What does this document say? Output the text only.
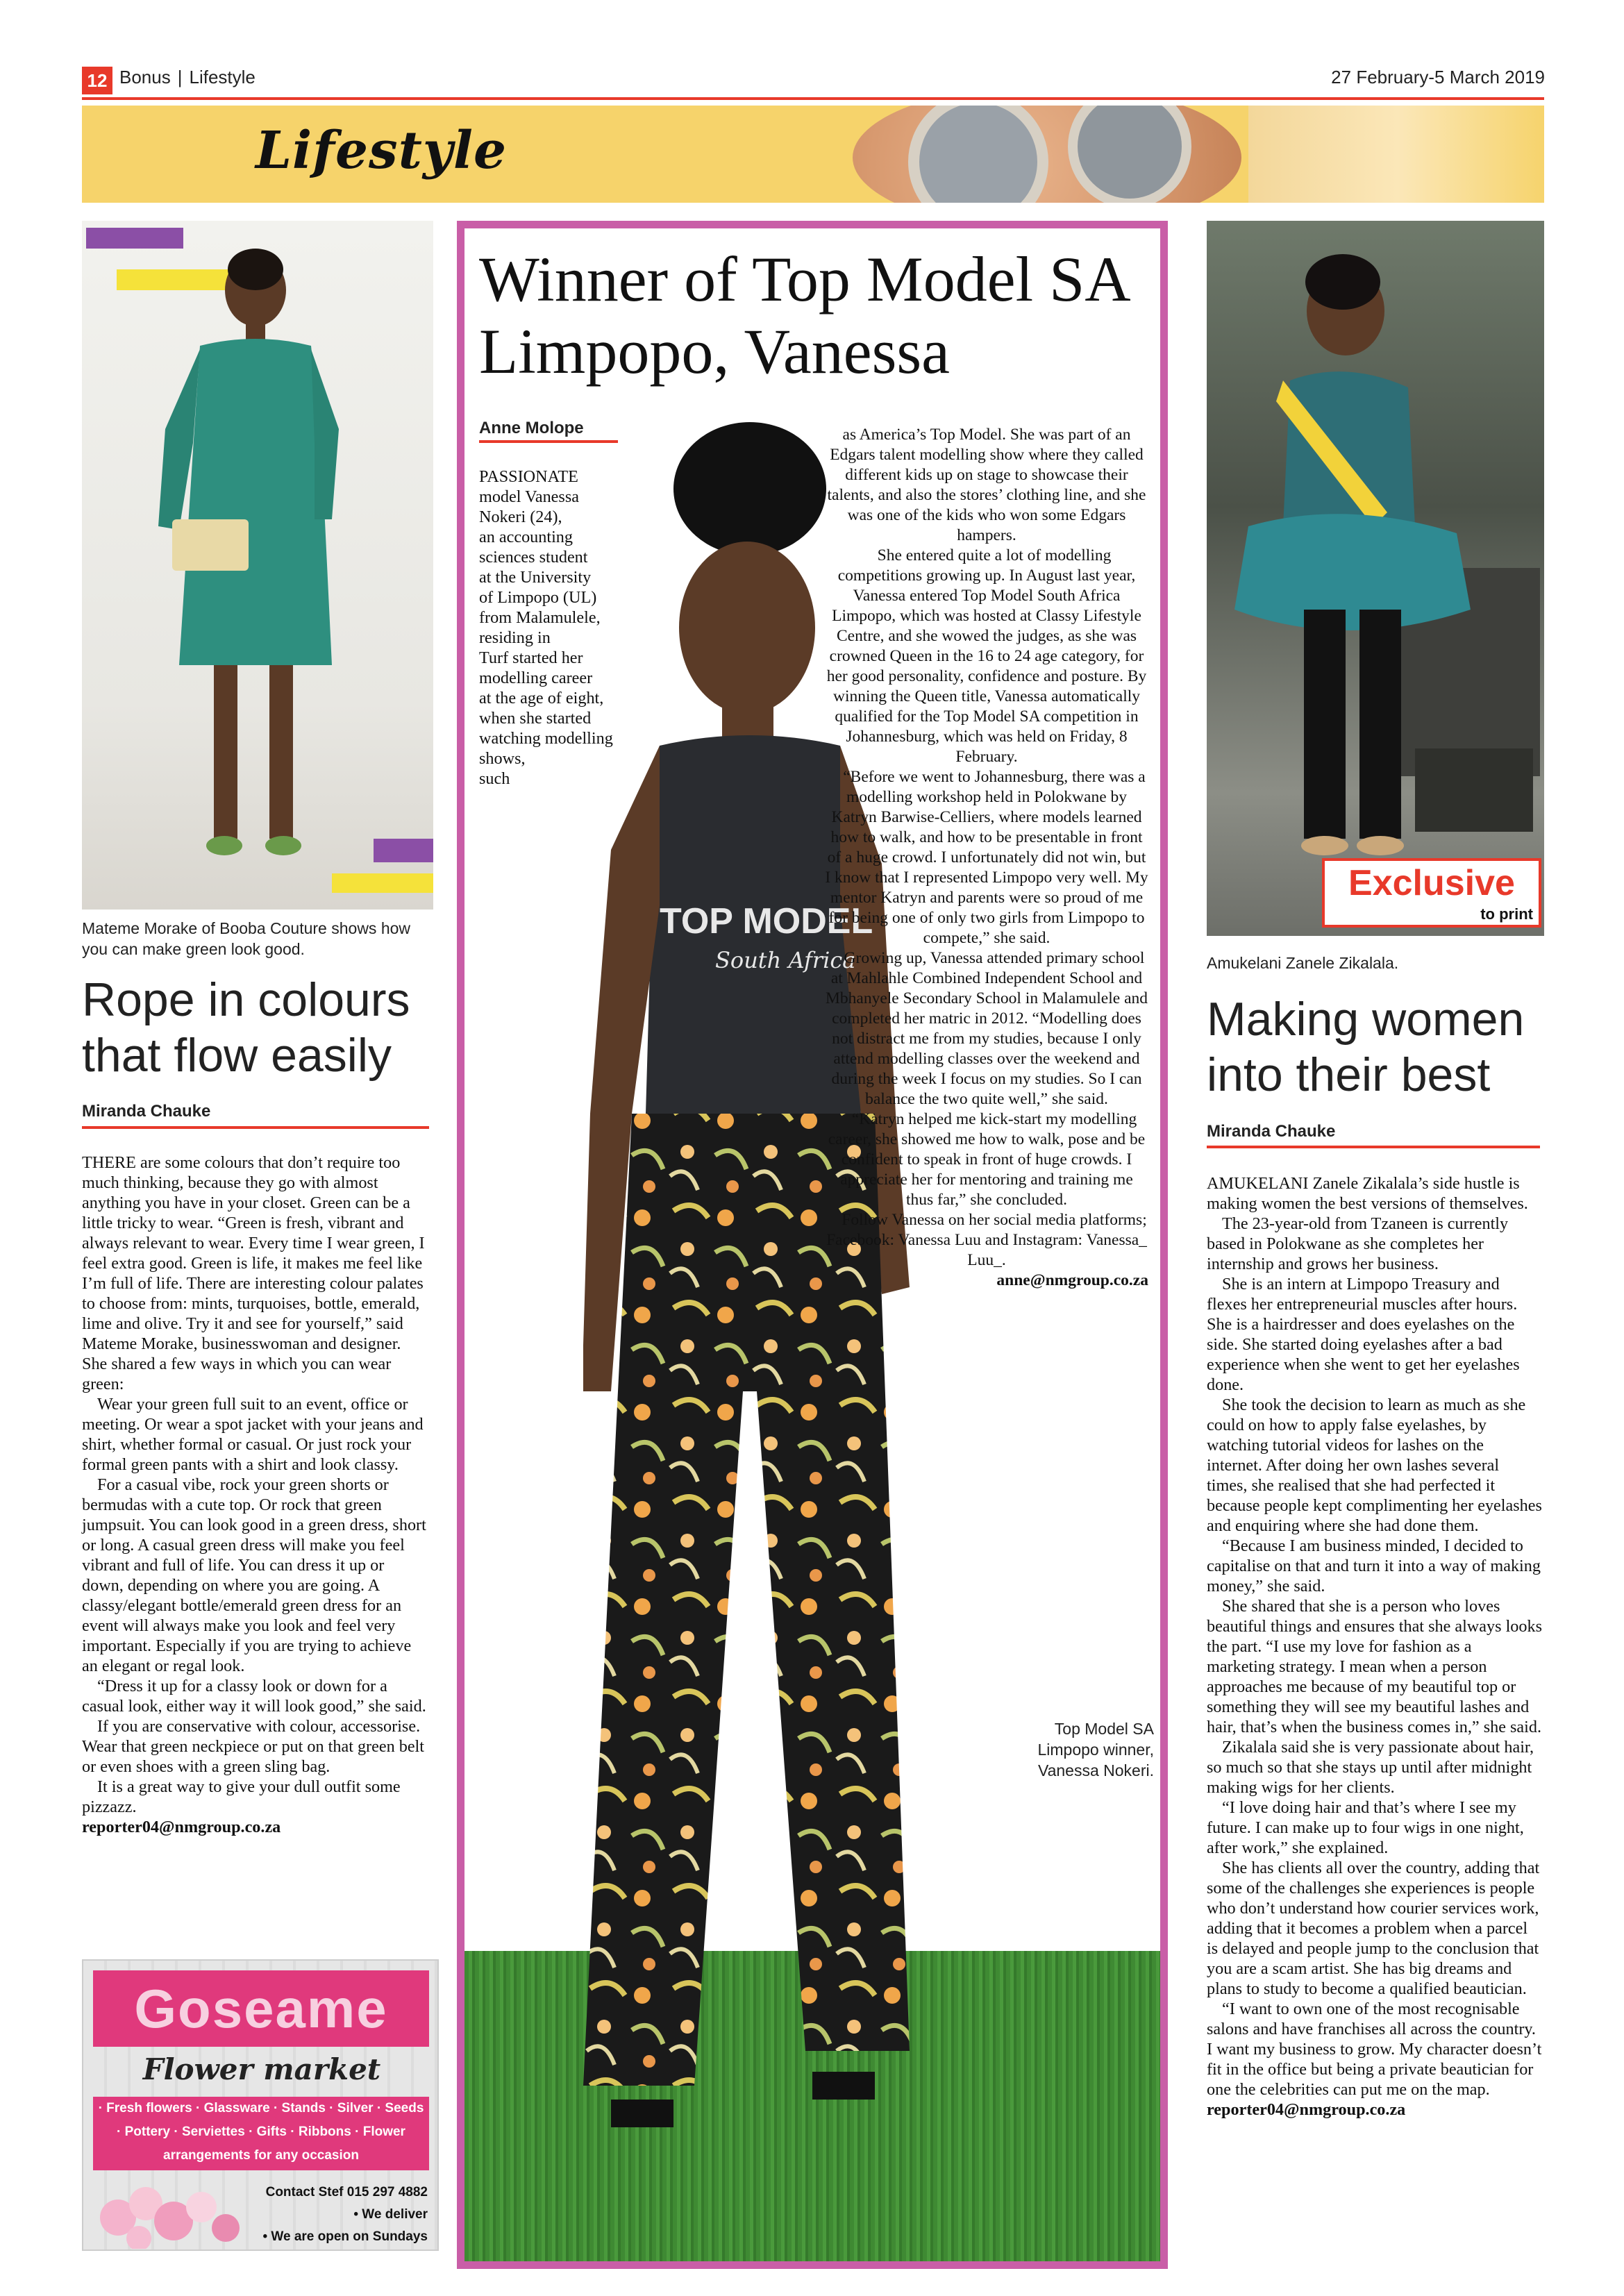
12 Bonus | Lifestyle	27 February-5 March 2019
Lifestyle
Mateme Morake of Booba Couture shows how you can make green look good.
Rope in colours that flow easily
Miranda Chauke

THERE are some colours that don’t require too much thinking, because they go with almost anything you have in your closet. Green can be a little tricky to wear. “Green is fresh, vibrant and always relevant to wear. Every time I wear green, I feel extra good. Green is life, it makes me feel like I’m full of life. There are interesting colour palates to choose from: mints, turquoises, bottle, emerald, lime and olive. Try it and see for yourself,” said Mateme Morake, businesswoman and designer. She shared a few ways in which you can wear green:

Wear your green full suit to an event, office or meeting. Or wear a spot jacket with your jeans and shirt, whether formal or casual. Or just rock your formal green pants with a shirt and look classy.

For a casual vibe, rock your green shorts or bermudas with a cute top. Or rock that green jumpsuit. You can look good in a green dress, short or long. A casual green dress will make you feel vibrant and full of life. You can dress it up or down, depending on where you are going. A classy/elegant bottle/emerald green dress for an event will always make you look and feel very important. Especially if you are trying to achieve an elegant or regal look.

“Dress it up for a classy look or down for a casual look, either way it will look good,” she said.

If you are conservative with colour, accessorise. Wear that green neckpiece or put on that green belt or even shoes with a green sling bag.

It is a great way to give your dull outfit some pizzazz.

reporter04@nmgroup.co.za

Goseame
Flower market
· Fresh flowers · Glassware · Stands · Silver · Seeds
· Pottery · Serviettes · Gifts · Ribbons · Flower
arrangements for any occasion
Contact Stef 015 297 4882
• We deliver
• We are open on Sundays
Winner of Top Model SA Limpopo, Vanessa
TOP MODEL
South Africa
Anne Molope
PASSIONATE
model Vanessa
Nokeri (24),
an accounting
sciences student
at the University
of Limpopo (UL)
from Malamulele,
residing in
Turf started her
modelling career
at the age of eight,
when she started
watching modelling
shows,
such

as America’s Top Model. She was part of an Edgars talent modelling show where they called different kids up on stage to showcase their talents, and also the stores’ clothing line, and she was one of the kids who won some Edgars hampers.

She entered quite a lot of modelling competitions growing up. In August last year, Vanessa entered Top Model South Africa Limpopo, which was hosted at Classy Lifestyle Centre, and she wowed the judges, as she was crowned Queen in the 16 to 24 age category, for her good personality, confidence and posture. By winning the Queen title, Vanessa automatically qualified for the Top Model SA competition in Johannesburg, which was held on Friday, 8 February.

“Before we went to Johannesburg, there was a modelling workshop held in Polokwane by Katryn Barwise-Celliers, where models learned how to walk, and how to be presentable in front of a huge crowd. I unfortunately did not win, but I know that I represented Limpopo very well. My mentor Katryn and parents were so proud of me for being one of only two girls from Limpopo to compete,” she said.

Growing up, Vanessa attended primary school at Mahlahle Combined Independent School and Mbhanyele Secondary School in Malamulele and completed her matric in 2012. “Modelling does not distract me from my studies, because I only attend modelling classes over the weekend and during the week I focus on my studies. So I can balance the two quite well,” she said.

“Katryn helped me kick-start my modelling career, she showed me how to walk, pose and be confident to speak in front of huge crowds. I appreciate her for mentoring and training me thus far,” she concluded.

Follow Vanessa on her social media platforms; Facebook: Vanessa Luu and Instagram: Vanessa_ Luu_.

anne@nmgroup.co.za

Top Model SA Limpopo winner, Vanessa Nokeri.
Exclusive
to print
Amukelani Zanele Zikalala.
Making women into their best
Miranda Chauke

AMUKELANI Zanele Zikalala’s side hustle is making women the best versions of themselves.

The 23-year-old from Tzaneen is currently based in Polokwane as she completes her internship and grows her business.

She is an intern at Limpopo Treasury and flexes her entrepreneurial muscles after hours. She is a hairdresser and does eyelashes on the side. She started doing eyelashes after a bad experience when she went to get her eyelashes done.

She took the decision to learn as much as she could on how to apply false eyelashes, by watching tutorial videos for lashes on the internet. After doing her own lashes several times, she realised that she had perfected it because people kept complimenting her eyelashes and enquiring where she had done them.

“Because I am business minded, I decided to capitalise on that and turn it into a way of making money,” she said.

She shared that she is a person who loves beautiful things and ensures that she always looks the part. “I use my love for fashion as a marketing strategy. I mean when a person approaches me because of my beautiful top or something they will see my beautiful lashes and hair, that’s when the business comes in,” she said.

Zikalala said she is very passionate about hair, so much so that she stays up until after midnight making wigs for her clients.

“I love doing hair and that’s where I see my future. I can make up to four wigs in one night, after work,” she explained.

She has clients all over the country, adding that some of the challenges she experiences is people who don’t understand how courier services work, adding that it becomes a problem when a parcel is delayed and people jump to the conclusion that you are a scam artist. She has big dreams and plans to study to become a qualified beautician.

“I want to own one of the most recognisable salons and have franchises all across the country. I want my business to grow. My character doesn’t fit in the office but being a private beautician for one the celebrities can put me on the map.

reporter04@nmgroup.co.za
